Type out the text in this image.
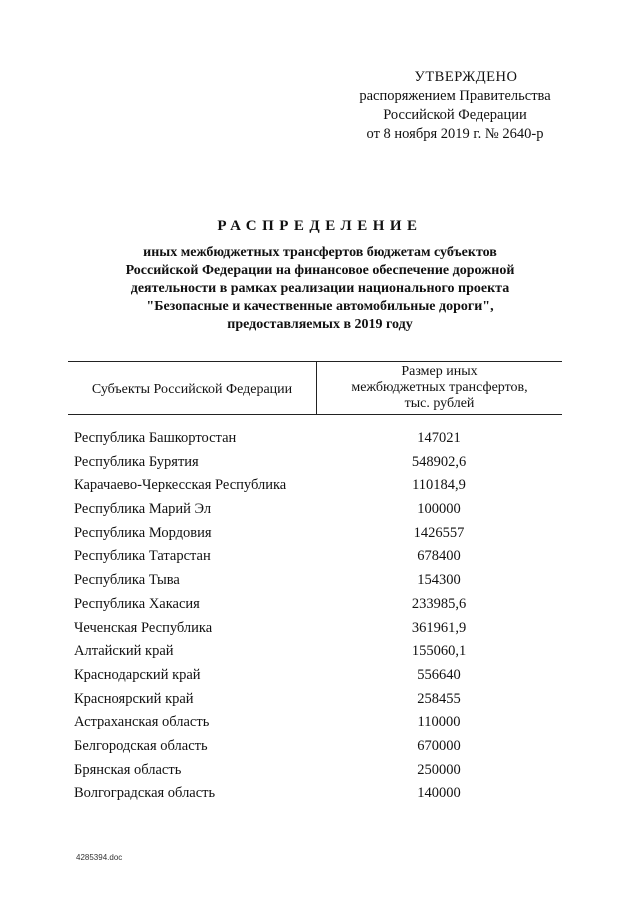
УТВЕРЖДЕНО
распоряжением Правительства
Российской Федерации
от 8 ноября 2019 г. № 2640-р
РАСПРЕДЕЛЕНИЕ
иных межбюджетных трансфертов бюджетам субъектов
Российской Федерации на финансовое обеспечение дорожной
деятельности в рамках реализации национального проекта
"Безопасные и качественные автомобильные дороги",
предоставляемых в 2019 году
Субъекты Российской Федерации
Размер иных
межбюджетных трансфертов,
тыс. рублей
Республика Башкортостан	147021
Республика Бурятия	548902,6
Карачаево-Черкесская Республика	110184,9
Республика Марий Эл	100000
Республика Мордовия	1426557
Республика Татарстан	678400
Республика Тыва	154300
Республика Хакасия	233985,6
Чеченская Республика	361961,9
Алтайский край	155060,1
Краснодарский край	556640
Красноярский край	258455
Астраханская область	110000
Белгородская область	670000
Брянская область	250000
Волгоградская область	140000
4285394.doc
